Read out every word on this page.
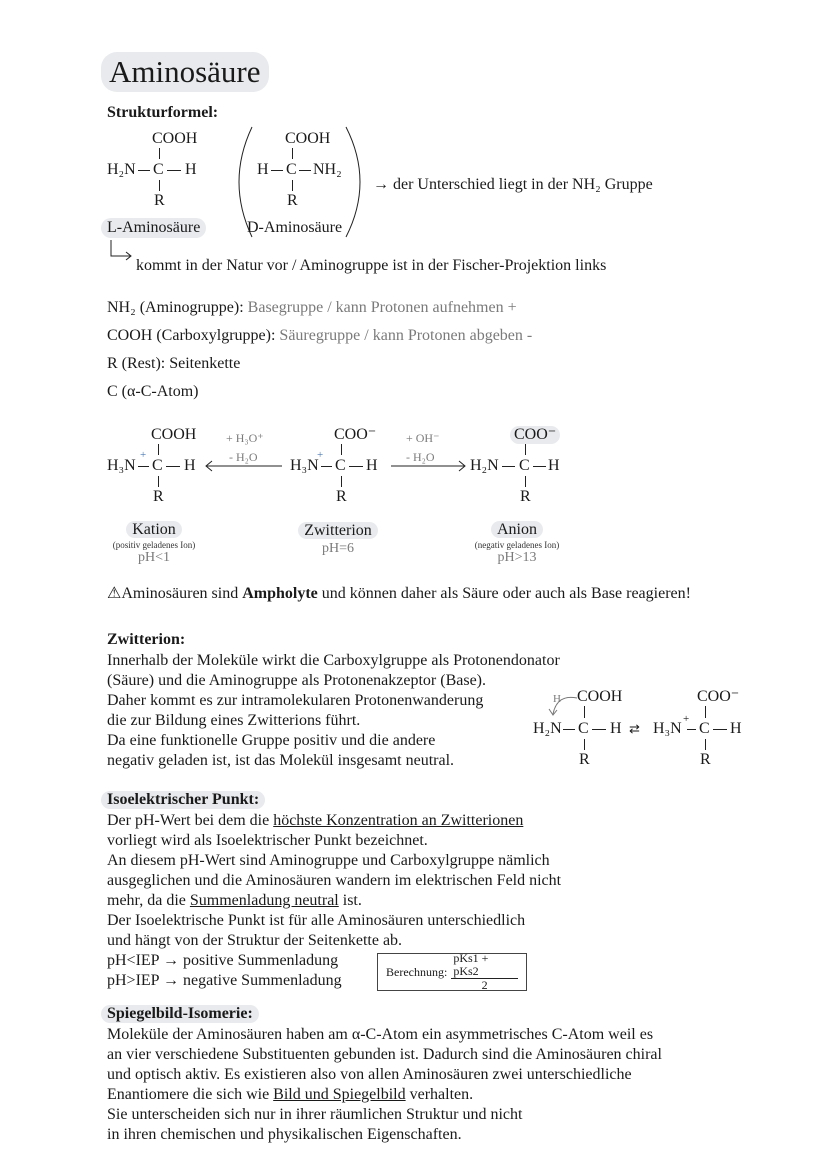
Aminosäure
Strukturformel:
COOH
H₂N C H
R
L-Aminosäure
COOH
H C NH₂
R
D-Aminosäure
→ der Unterschied liegt in der NH₂ Gruppe
kommt in der Natur vor / Aminogruppe ist in der Fischer-Projektion links
NH₂ (Aminogruppe): Basegruppe / kann Protonen aufnehmen +
COOH (Carboxylgruppe): Säuregruppe / kann Protonen abgeben -
R (Rest): Seitenkette
C (α-C-Atom)
COOH
H₃N
+
C H
R
+ H₃O⁺
- H₂O
COO⁻
H₃N
+
C H
R
+ OH⁻
- H₂O
COO⁻
H₂N C H
R
Kation
(positiv geladenes Ion)
pH<1
Zwitterion
pH=6
Anion
(negativ geladenes Ion)
pH>13
⚠Aminosäuren sind Ampholyte und können daher als Säure oder auch als Base reagieren!
Zwitterion:
Innerhalb der Moleküle wirkt die Carboxylgruppe als Protonendonator
(Säure) und die Aminogruppe als Protonenakzeptor (Base).
Daher kommt es zur intramolekularen Protonenwanderung
die zur Bildung eines Zwitterions führt.
Da eine funktionelle Gruppe positiv und die andere
negativ geladen ist, ist das Molekül insgesamt neutral.
H COOH
H₂N C H
R
⇄
COO⁻
H₃N
+
C H
R
Isoelektrischer Punkt:
Der pH-Wert bei dem die höchste Konzentration an Zwitterionen
vorliegt wird als Isoelektrischer Punkt bezeichnet.
An diesem pH-Wert sind Aminogruppe und Carboxylgruppe nämlich
ausgeglichen und die Aminosäuren wandern im elektrischen Feld nicht
mehr, da die Summenladung neutral ist.
Der Isoelektrische Punkt ist für alle Aminosäuren unterschiedlich
und hängt von der Struktur der Seitenkette ab.
pH<IEP → positive Summenladung
pH>IEP → negative Summenladung
Berechnung: $\frac{\text{pKs1 + pKs2}}{2}$
Spiegelbild-Isomerie:
Moleküle der Aminosäuren haben am α-C-Atom ein asymmetrisches C-Atom weil es
an vier verschiedene Substituenten gebunden ist. Dadurch sind die Aminosäuren chiral
und optisch aktiv. Es existieren also von allen Aminosäuren zwei unterschiedliche
Enantiomere die sich wie Bild und Spiegelbild verhalten.
Sie unterscheiden sich nur in ihrer räumlichen Struktur und nicht
in ihren chemischen und physikalischen Eigenschaften.
